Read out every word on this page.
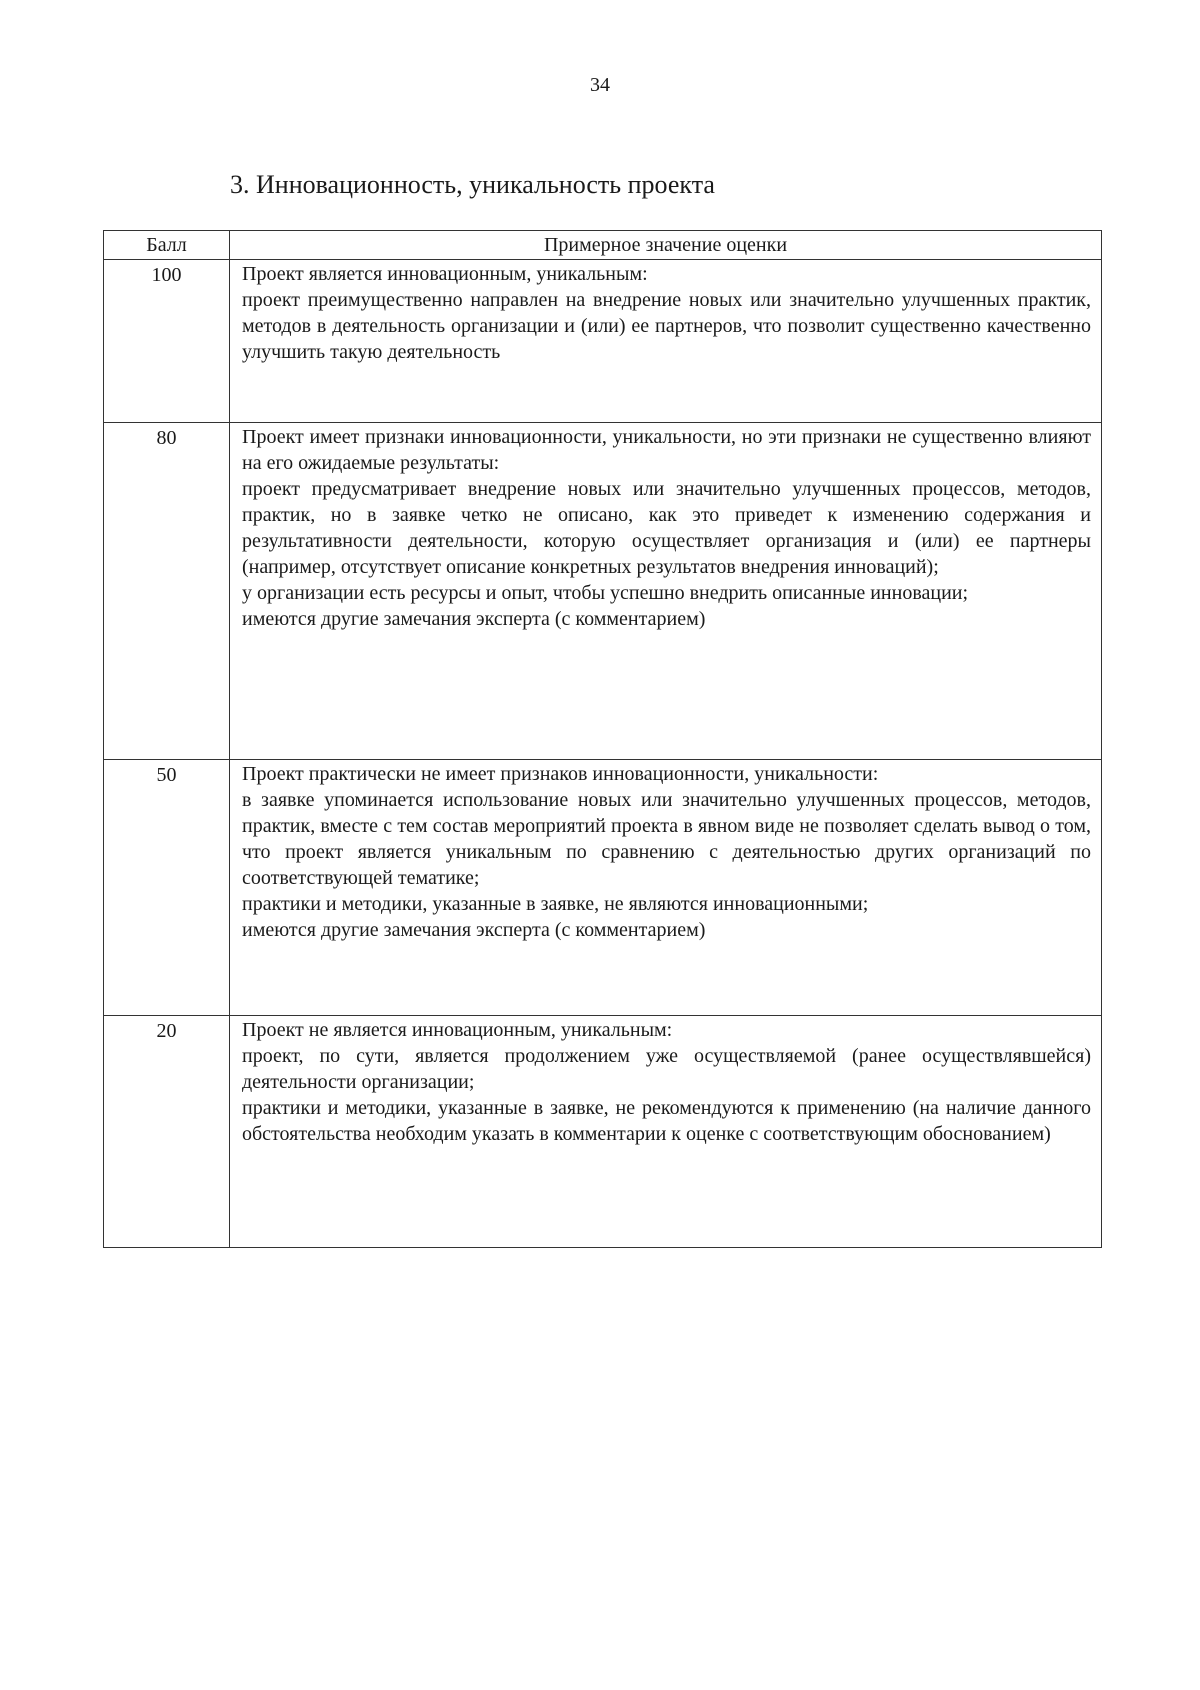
34
3. Инновационность, уникальность проекта
Балл	Примерное значение оценки
100	Проект является инновационным, уникальным:
проект преимущественно направлен на внедрение новых или значительно улучшенных практик, методов в деятельность организации и (или) ее партнеров, что позволит существенно качественно улучшить такую деятельность

80	Проект имеет признаки инновационности, уникальности, но эти признаки не существенно влияют на его ожидаемые результаты:
проект предусматривает внедрение новых или значительно улучшенных процессов, методов, практик, но в заявке четко не описано, как это приведет к изменению содержания и результативности деятельности, которую осуществляет организация и (или) ее партнеры (например, отсутствует описание конкретных результатов внедрения инноваций);
у организации есть ресурсы и опыт, чтобы успешно внедрить описанные инновации;
имеются другие замечания эксперта (с комментарием)

50	Проект практически не имеет признаков инновационности, уникальности:
в заявке упоминается использование новых или значительно улучшенных процессов, методов, практик, вместе с тем состав мероприятий проекта в явном виде не позволяет сделать вывод о том, что проект является уникальным по сравнению с деятельностью других организаций по соответствующей тематике;
практики и методики, указанные в заявке, не являются инновационными;
имеются другие замечания эксперта (с комментарием)

20	Проект не является инновационным, уникальным:
проект, по сути, является продолжением уже осуществляемой (ранее осуществлявшейся) деятельности организации;
практики и методики, указанные в заявке, не рекомендуются к применению (на наличие данного обстоятельства необходим указать в комментарии к оценке с соответствующим обоснованием)
